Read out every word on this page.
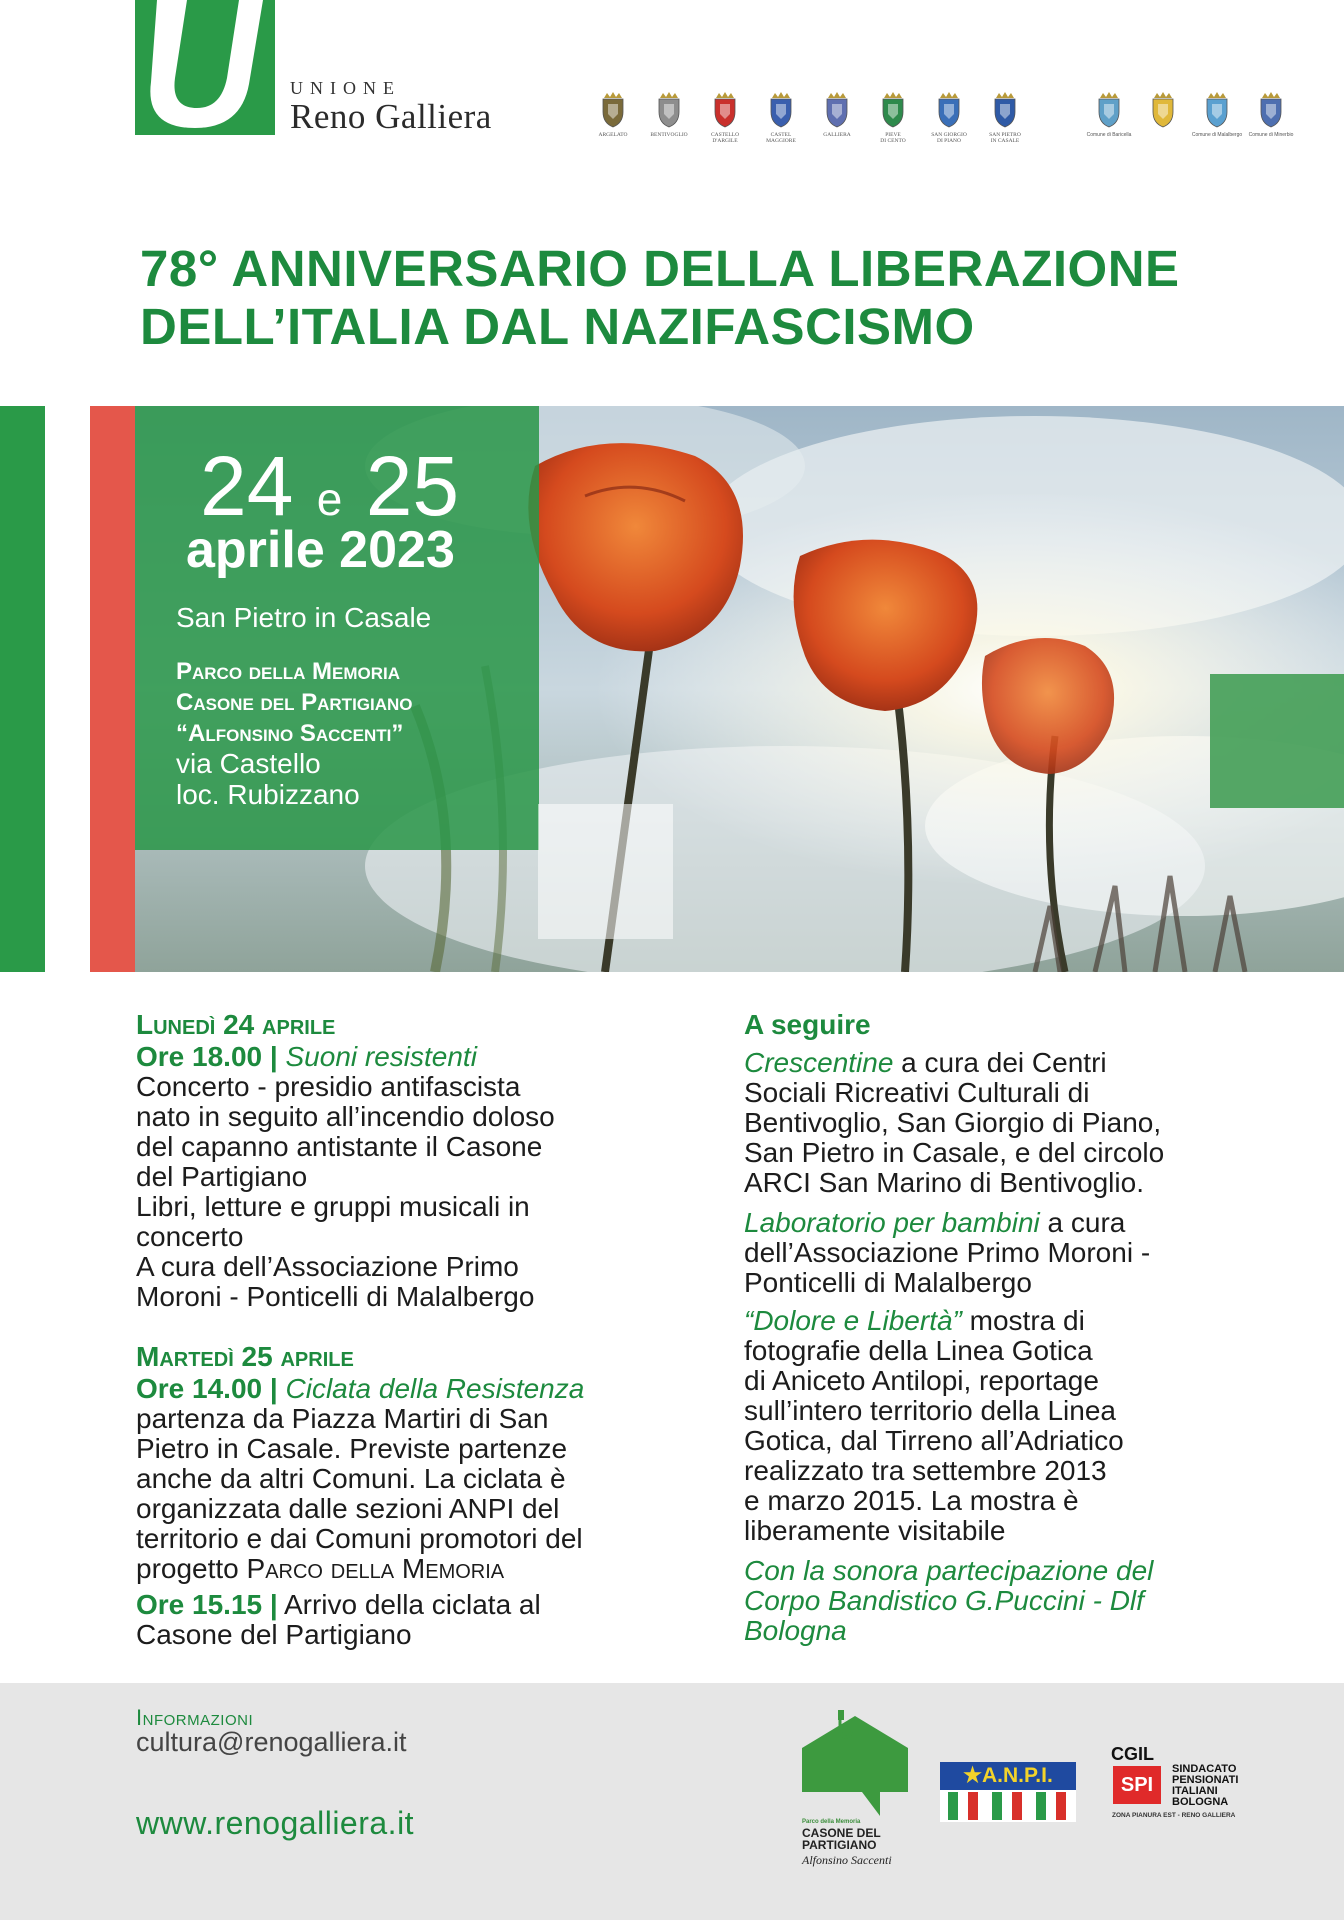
UNIONE
Reno Galliera	ARGELATO	BENTIVOGLIO	CASTELLO
D'ARGILE
CASTEL
MAGGIORE
GALLIERA	PIEVE
DI CENTO
SAN GIORGIO
DI PIANO
SAN PIETRO
IN CASALE
Comune di Baricella	Comune di Malalbergo	Comune di Minerbio
78° ANNIVERSARIO DELLA LIBERAZIONE
DELL’ITALIA DAL NAZIFASCISMO
24 e 25
aprile 2023
San Pietro in Casale
Parco della Memoria
Casone del Partigiano
“Alfonsino Saccenti”
via Castello
loc. Rubizzano
Lunedì 24 aprile
Ore 18.00 | Suoni resistenti
Concerto - presidio antifascista
nato in seguito all’incendio doloso
del capanno antistante il Casone
del Partigiano
Libri, letture e gruppi musicali in
concerto
A cura dell’Associazione Primo
Moroni - Ponticelli di Malalbergo
Martedì 25 aprile
Ore 14.00 | Ciclata della Resistenza
partenza da Piazza Martiri di San
Pietro in Casale. Previste partenze
anche da altri Comuni. La ciclata è
organizzata dalle sezioni ANPI del
territorio e dai Comuni promotori del
progetto Parco della Memoria
Ore 15.15 | Arrivo della ciclata al
Casone del Partigiano
A seguire
Crescentine a cura dei Centri
Sociali Ricreativi Culturali di
Bentivoglio, San Giorgio di Piano,
San Pietro in Casale, e del circolo
ARCI San Marino di Bentivoglio.
Laboratorio per bambini a cura
dell’Associazione Primo Moroni -
Ponticelli di Malalbergo
“Dolore e Libertà” mostra di
fotografie della Linea Gotica
di Aniceto Antilopi, reportage
sull’intero territorio della Linea
Gotica, dal Tirreno all’Adriatico
realizzato tra settembre 2013
e marzo 2015. La mostra è
liberamente visitabile
Con la sonora partecipazione del
Corpo Bandistico G.Puccini - Dlf
Bologna
Informazioni
cultura@renogalliera.it
www.renogalliera.it	Parco della Memoria
CASONE DEL
PARTIGIANO
Alfonsino Saccenti
★A.N.P.I.
CGIL
SPI
SINDACATO
PENSIONATI
ITALIANI
BOLOGNA
ZONA PIANURA EST - RENO GALLIERA
